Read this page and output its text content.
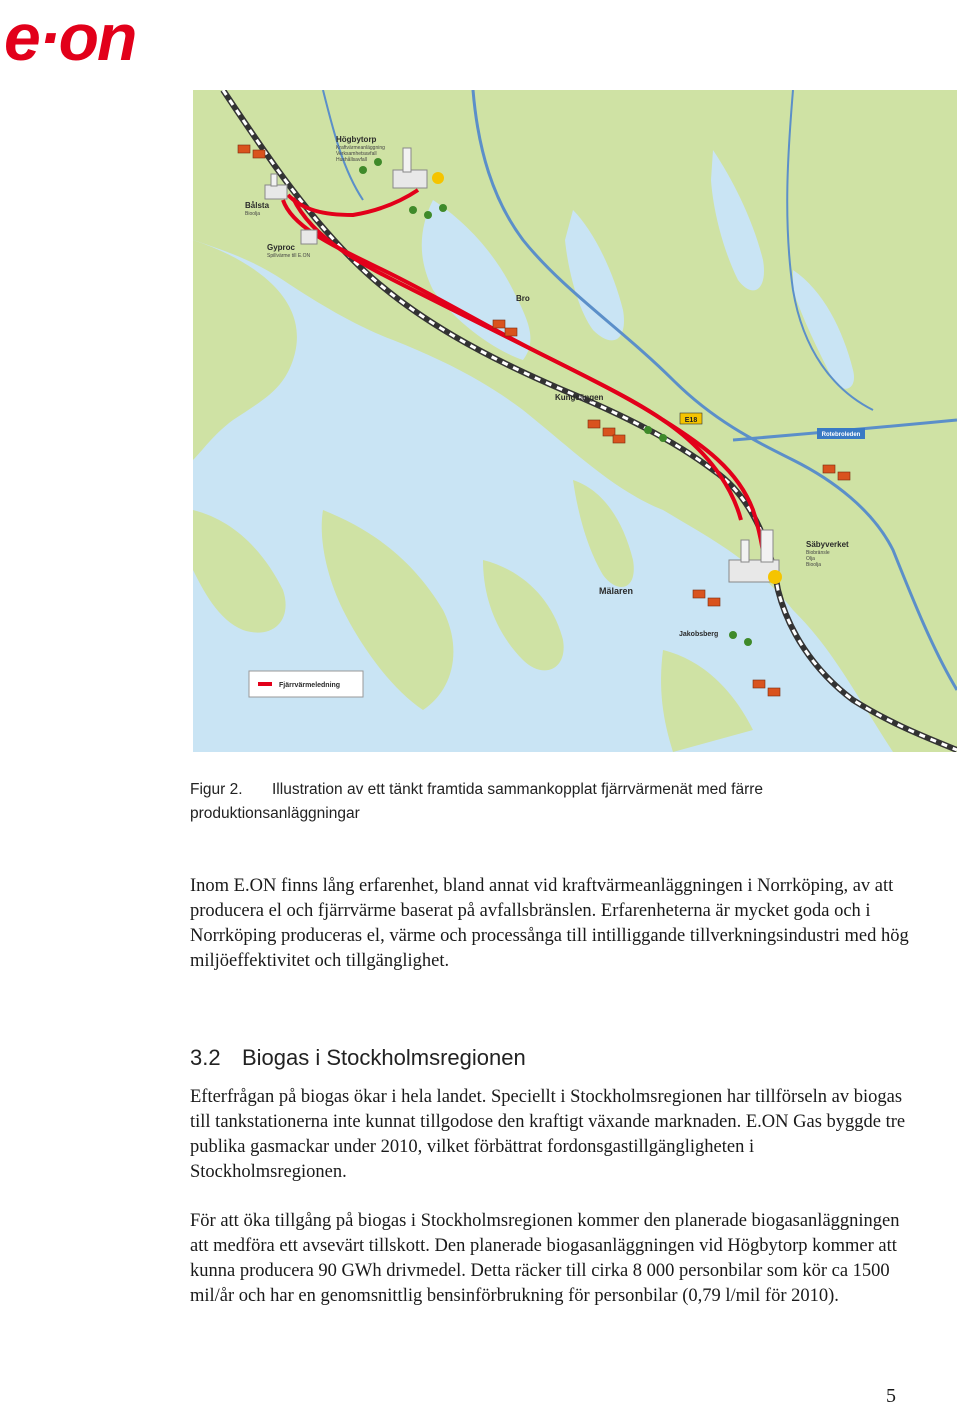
e·on
E18
Rotebroleden
Högbytorp
Kraftvärmeanläggning
Verksamhetsavfall
Hushållsavfall
Bålsta
Biooljа
Gyproc
Spillvärme till E.ON
Bro
Kungsängen
Säbyverket
Biobränsle
Olja
Bioolja
Mälaren
Jakobsberg
Fjärrvärmeledning
Figur 2. Illustration av ett tänkt framtida sammankopplat fjärrvärmenät med färre produktionsanläggningar

Inom E.ON finns lång erfarenhet, bland annat vid kraftvärmeanläggningen i Norrköping, av att producera el och fjärrvärme baserat på avfallsbränslen. Erfarenheterna är mycket goda och i Norrköping produceras el, värme och processånga till intilliggande tillverkningsindustri med hög miljöeffektivitet och tillgänglighet.

3.2 Biogas i Stockholmsregionen

Efterfrågan på biogas ökar i hela landet. Speciellt i Stockholmsregionen har tillförseln av biogas till tankstationerna inte kunnat tillgodose den kraftigt växande marknaden. E.ON Gas byggde tre publika gasmackar under 2010, vilket förbättrat fordonsgastillgängligheten i Stockholmsregionen.

För att öka tillgång på biogas i Stockholmsregionen kommer den planerade biogasanläggningen att medföra ett avsevärt tillskott. Den planerade biogasanläggningen vid Högbytorp kommer att kunna producera 90 GWh drivmedel. Detta räcker till cirka 8 000 personbilar som kör ca 1500 mil/år och har en genomsnittlig bensinförbrukning för personbilar (0,79 l/mil för 2010).

5
